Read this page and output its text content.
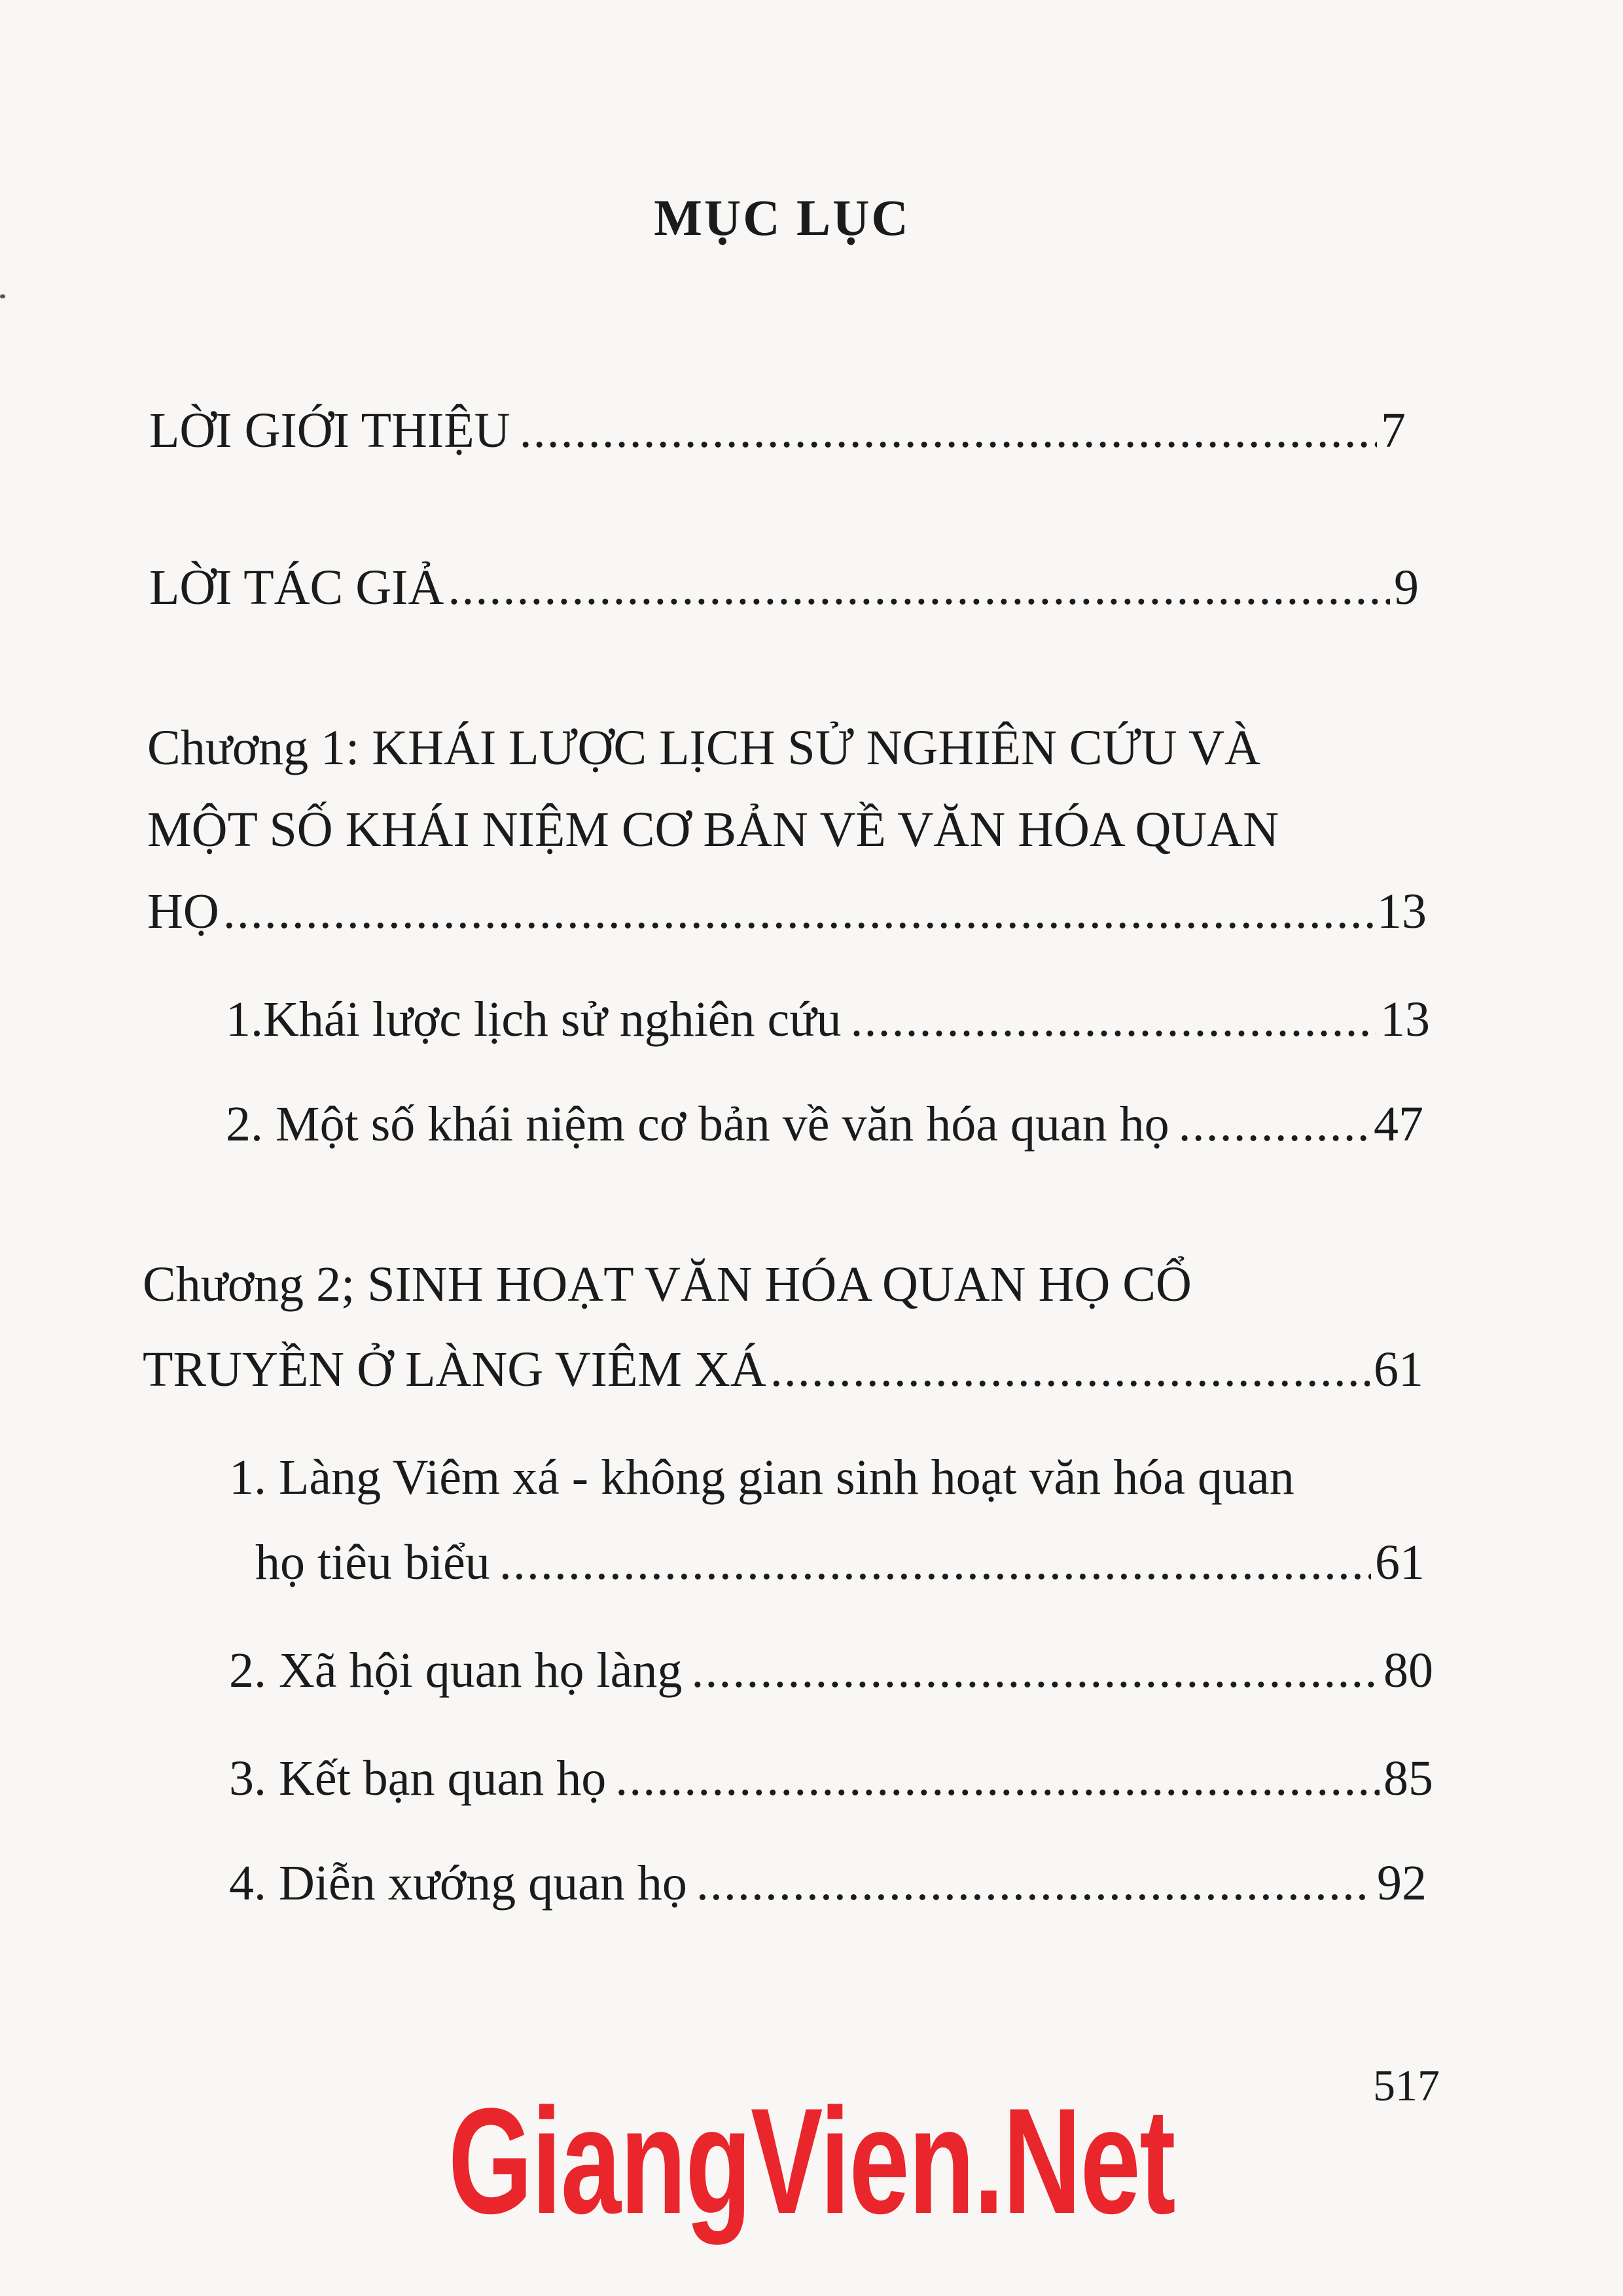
MỤC LỤC
LỜI GIỚI THIỆU .....	7
LỜI TÁC GIẢ .....	9
Chương 1: KHÁI LƯỢC LỊCH SỬ NGHIÊN CỨU VÀ
MỘT SỐ KHÁI NIỆM CƠ BẢN VỀ VĂN HÓA QUAN
HỌ .....	13
1.Khái lược lịch sử nghiên cứu .....	13
2. Một số khái niệm cơ bản về văn hóa quan họ .....	47
Chương 2; SINH HOẠT VĂN HÓA QUAN HỌ CỔ
TRUYỀN Ở LÀNG VIÊM XÁ .....	61
1. Làng Viêm xá - không gian sinh hoạt văn hóa quan
họ tiêu biểu .....	61
2. Xã hội quan họ làng .....	80
3. Kết bạn quan họ .....	85
4. Diễn xướng quan họ .....	92
517
GiangVien.Net
